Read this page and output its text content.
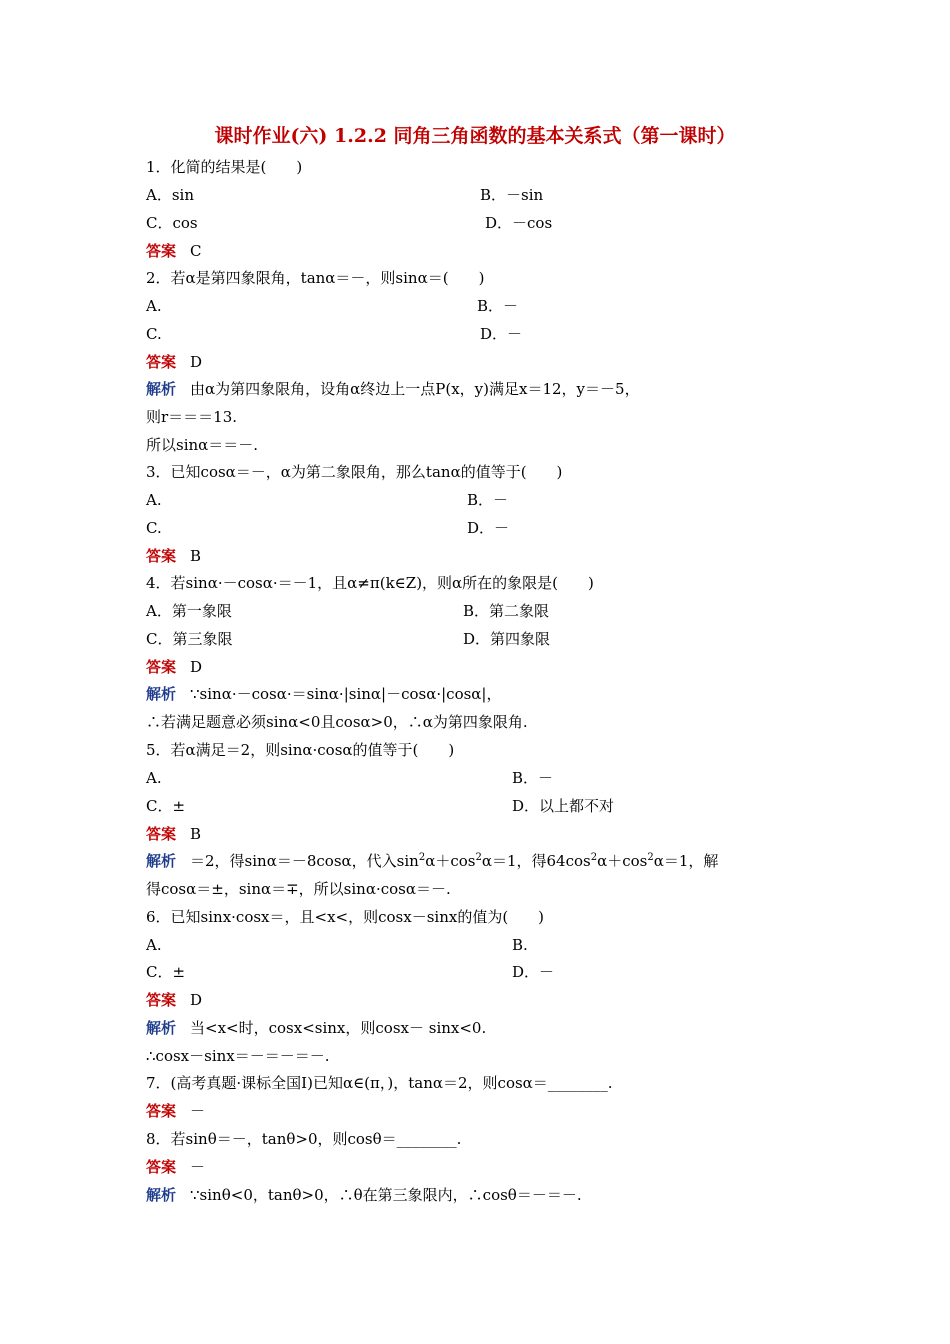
课时作业(六) 1.2.2 同角三角函数的基本关系式（第一课时）
1．化简的结果是(　　)
A．sin	B．－sin
C．cos	D．－cos
答案 C
2．若α是第四象限角，tanα＝－，则sinα＝(　　)
A.	B．－
C.	D．－
答案 D
解析 由α为第四象限角，设角α终边上一点P(x，y)满足x＝12，y＝－5，
则r＝＝＝13.
所以sinα＝＝－.
3．已知cosα＝－，α为第二象限角，那么tanα的值等于(　　)
A.	B．－
C.	D．－
答案 B
4．若sinα·－cosα·＝－1，且α≠π(k∈Z)，则α所在的象限是(　　)
A．第一象限	B．第二象限
C．第三象限	D．第四象限
答案 D
解析 ∵sinα·－cosα·＝sinα·|sinα|－cosα·|cosα|，
∴若满足题意必须sinα<0且cosα>0，∴α为第四象限角.
5．若α满足＝2，则sinα·cosα的值等于(　　)
A.	B．－
C．±	D．以上都不对
答案 B
解析 ＝2，得sinα＝－8cosα，代入$\sin^2\alpha+\cos^2\alpha=1$，得$64\cos^2\alpha+\cos^2\alpha=1$，解
得cosα＝±，sinα＝∓，所以sinα·cosα＝－.
6．已知sinx·cosx＝，且<x<，则cosx－sinx的值为(　　)
A.	B.
C．±	D．－
答案 D
解析 当<x<时，cosx<sinx，则cosx－ sinx<0.
∴cosx－sinx＝－＝－＝－.
7．(高考真题·课标全国Ⅰ)已知α∈(π，)，tanα＝2，则cosα＝________.
答案 －
8．若sinθ＝－，tanθ>0，则cosθ＝________.
答案 －
解析 ∵sinθ<0，tanθ>0，∴θ在第三象限内，∴cosθ＝－＝－.
